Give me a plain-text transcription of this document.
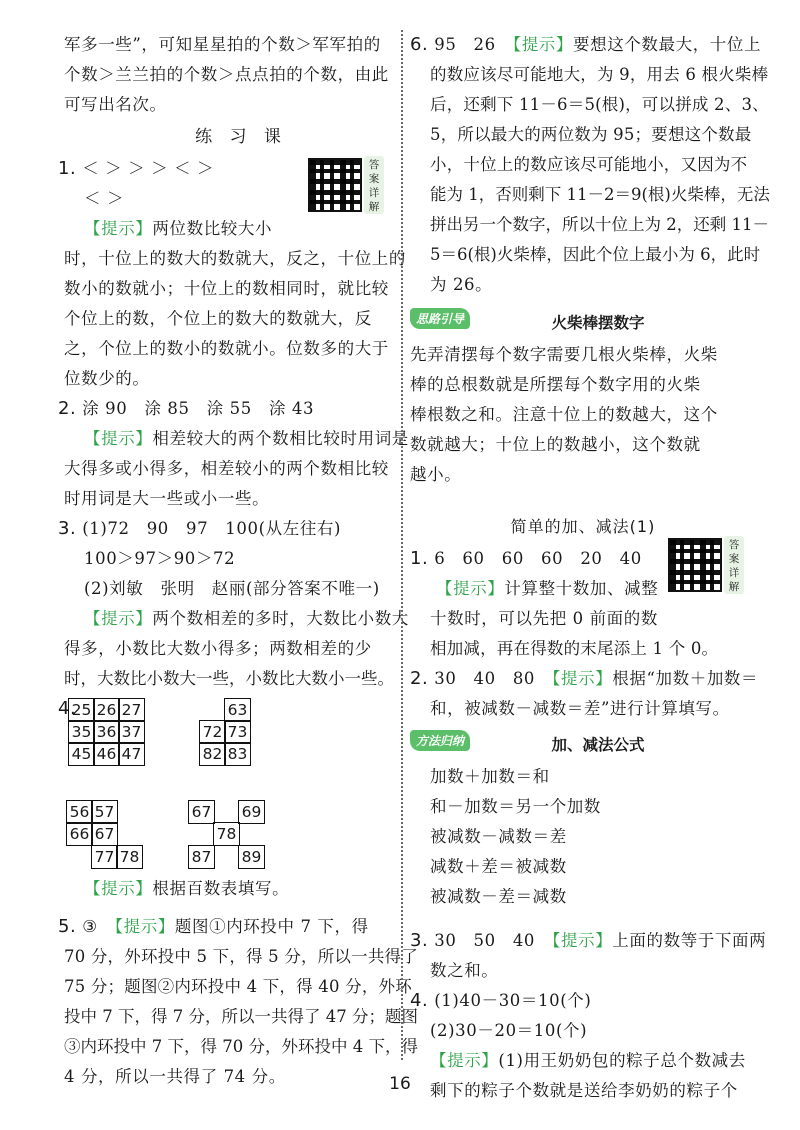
军多一些”，可知星星拍的个数＞军军拍的

个数＞兰兰拍的个数＞点点拍的个数，由此

可写出名次。

练 习 课

1. ＜ ＞ ＞ ＞ ＜ ＞

＜ ＞

答案详解

【提示】两位数比较大小

时，十位上的数大的数就大，反之，十位上的

数小的数就小；十位上的数相同时，就比较

个位上的数，个位上的数大的数就大，反

之，个位上的数小的数就小。位数多的大于

位数少的。

2. 涂 90　涂 85　涂 55　涂 43

【提示】相差较大的两个数相比较时用词是

大得多或小得多，相差较小的两个数相比较

时用词是大一些或小一些。

3. (1)72　90　97　100(从左往右)

100＞97＞90＞72

(2)刘敏　张明　赵丽(部分答案不唯一)

【提示】两个数相差的多时，大数比小数大

得多，小数比大数小得多；两数相差的少

时，大数比小数大一些，小数比大数小一些。

4.

25 26 27
35 36 37
45 46 47
63
72 73
82 83
56 57
66 67
77 78
67 69
78
87 89

【提示】根据百数表填写。

5. ③　 【提示】题图①内环投中 7 下，得

70 分，外环投中 5 下，得 5 分，所以一共得了

75 分；题图②内环投中 4 下，得 40 分，外环

投中 7 下，得 7 分，所以一共得了 47 分；题图

③内环投中 7 下，得 70 分，外环投中 4 下，得

4 分，所以一共得了 74 分。

6. 95　26　 【提示】要想这个数最大，十位上

的数应该尽可能地大，为 9，用去 6 根火柴棒

后，还剩下 11－6＝5(根)，可以拼成 2、3、

5，所以最大的两位数为 95；要想这个数最

小，十位上的数应该尽可能地小，又因为不

能为 1，否则剩下 11－2＝9(根)火柴棒，无法

拼出另一个数字，所以十位上为 2，还剩 11－

5＝6(根)火柴棒，因此个位上最小为 6，此时

为 26。

思路引导	火柴棒摆数字

先弄清摆每个数字需要几根火柴棒，火柴

棒的总根数就是所摆每个数字用的火柴

棒根数之和。注意十位上的数越大，这个

数就越大；十位上的数越小，这个数就

越小。

简单的加、减法(1)

1. 6　60　60　60　20　40

答案详解

【提示】计算整十数加、减整

十数时，可以先把 0 前面的数

相加减，再在得数的末尾添上 1 个 0。

2. 30　40　80　 【提示】根据“加数＋加数＝

和，被减数－减数＝差”进行计算填写。

方法归纳	加、减法公式

加数＋加数＝和

和－加数＝另一个加数

被减数－减数＝差

减数＋差＝被减数

被减数－差＝减数

3. 30　50　40　 【提示】上面的数等于下面两

数之和。

4. (1)40－30＝10(个)

(2)30－20＝10(个)

【提示】(1)用王奶奶包的粽子总个数减去

剩下的粽子个数就是送给李奶奶的粽子个

16
